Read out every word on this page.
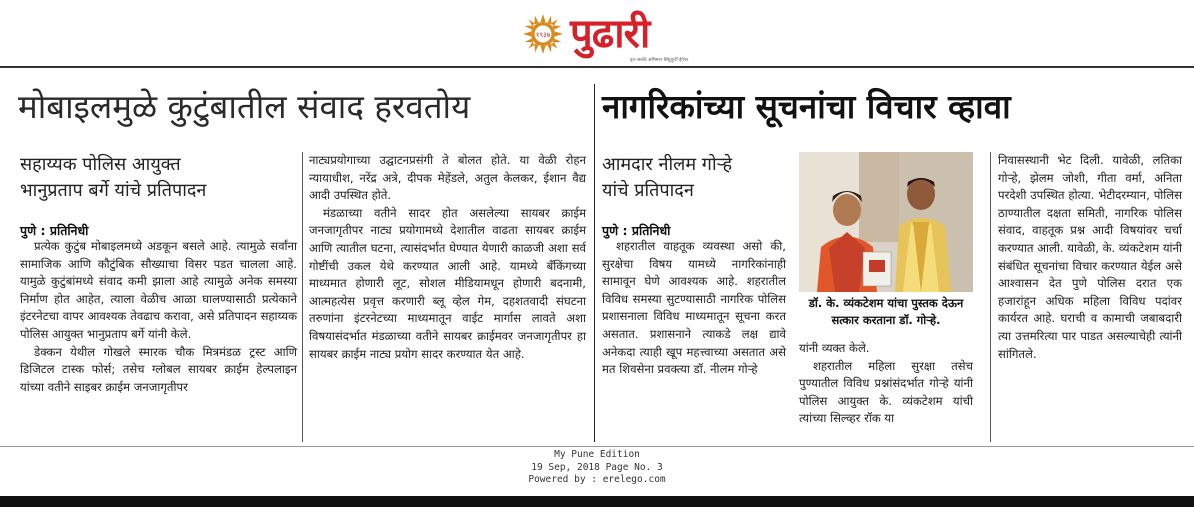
१९३७ पुढारी
वृत्त सर्वांचे अभिमान सिंधुदुर्ग्टी ईपेपर
मोबाइलमुळे कुटुंबातील संवाद हरवतोय
सहाय्यक पोलिस आयुक्त
भानुप्रताप बर्गे यांचे प्रतिपादन
पुणे : प्रतिनिधी

प्रत्येक कुटुंब मोबाइलमध्ये अडकून बसले आहे. त्यामुळे सर्वांना सामाजिक आणि कौटुंबिक सौख्याचा विसर पडत चालला आहे. यामुळे कुटुंबांमध्ये संवाद कमी झाला आहे त्यामुळे अनेक समस्या निर्माण होत आहेत, त्याला वेळीच आळा घालण्यासाठी प्रत्येकाने इंटरनेटचा वापर आवश्यक तेवढाच करावा, असे प्रतिपादन सहाय्यक पोलिस आयुक्त भानुप्रताप बर्गे यांनी केले.

डेक्कन येथील गोखले स्मारक चौक मित्रमंडळ ट्रस्ट आणि डिजिटल टास्क फोर्स; तसेच ग्लोबल सायबर क्राईम हेल्पलाइन यांच्या वतीने साइबर क्राईम जनजागृतीपर

नाट्यप्रयोगाच्या उद्घाटनप्रसंगी ते बोलत होते. या वेळी रोहन न्यायाधीश, नरेंद्र अत्रे, दीपक मेहेंडले, अतुल केलकर, ईशान वैद्य आदी उपस्थित होते.

मंडळाच्या वतीने सादर होत असलेल्या सायबर क्राईम जनजागृतीपर नाट्य प्रयोगामध्ये देशातील वाढता सायबर क्राईम आणि त्यातील घटना, त्यासंदर्भात घेण्यात येणारी काळजी अशा सर्व गोष्टींची उकल येथे करण्यात आली आहे. यामध्ये बँकिंगच्या माध्यमात होणारी लूट, सोशल मीडियामधून होणारी बदनामी, आत्महत्येस प्रवृत्त करणारी ब्लू व्हेल गेम, दहशतवादी संघटना तरुणांना इंटरनेटच्या माध्यमातून वाईट मार्गास लावते अशा विषयासंदर्भात मंडळाच्या वतीने सायबर क्राईमवर जनजागृतीपर हा सायबर क्राईम नाट्य प्रयोग सादर करण्यात येत आहे.

नागरिकांच्या सूचनांचा विचार व्हावा
आमदार नीलम गोऱ्हे
यांचे प्रतिपादन
पुणे : प्रतिनिधी

शहरातील वाहतूक व्यवस्था असो की, सुरक्षेचा विषय यामध्ये नागरिकांनाही सामावून घेणे आवश्यक आहे. शहरातील विविध समस्या सुटण्यासाठी नागरिक पोलिस प्रशासनाला विविध माध्यमातून सूचना करत असतात. प्रशासनाने त्याकडे लक्ष द्यावे अनेकदा त्याही खूप महत्त्वाच्या असतात असे मत शिवसेना प्रवक्त्या डॉ. नीलम गोऱ्हे

डॉ. के. व्यंकटेशम यांचा पुस्तक देऊन सत्कार करताना डॉ. गोऱ्हे.

यांनी व्यक्त केले.

शहरातील महिला सुरक्षा तसेच पुण्यातील विविध प्रश्नांसंदर्भात गोऱ्हे यांनी पोलिस आयुक्त के. व्यंकटेशम यांची त्यांच्या सिल्व्हर रॉक या

निवासस्थानी भेट दिली. यावेळी, लतिका गोऱ्हे, झेलम जोशी, गीता वर्मा, अनिता परदेशी उपस्थित होत्या. भेटीदरम्यान, पोलिस ठाण्यातील दक्षता समिती, नागरिक पोलिस संवाद, वाहतूक प्रश्न आदी विषयांवर चर्चा करण्यात आली. यावेळी, के. व्यंकटेशम यांनी संबंधित सूचनांचा विचार करण्यात येईल असे आश्वासन देत पुणे पोलिस दरात एक हजारांहून अधिक महिला विविध पदांवर कार्यरत आहे. घराची व कामाची जबाबदारी त्या उत्तमरित्या पार पाडत असल्याचेही त्यांनी सांगितले.

My Pune Edition
19 Sep, 2018 Page No. 3
Powered by : erelego.com
